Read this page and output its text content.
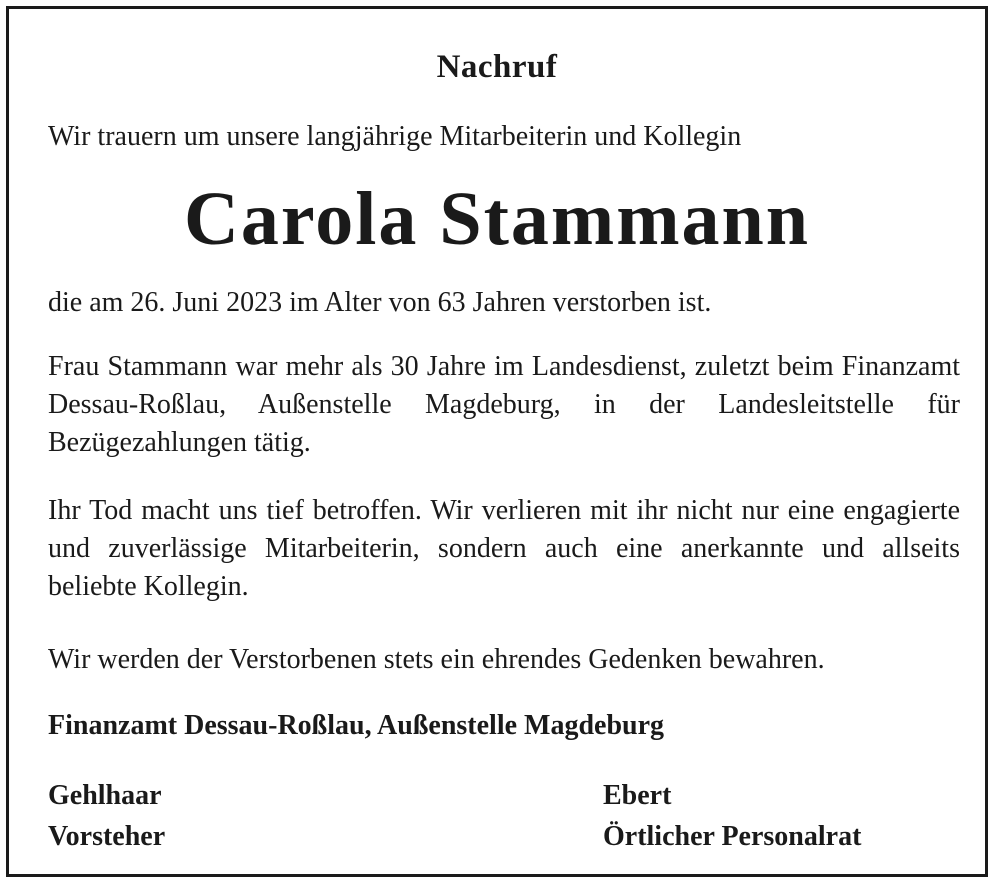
Nachruf
Wir trauern um unsere langjährige Mitarbeiterin und Kollegin
Carola Stammann
die am 26. Juni 2023 im Alter von 63 Jahren verstorben ist.
Frau Stammann war mehr als 30 Jahre im Landesdienst, zuletzt beim Finanzamt Dessau-Roßlau, Außenstelle Magdeburg, in der Landesleitstelle für Bezügezahlungen tätig.
Ihr Tod macht uns tief betroffen. Wir verlieren mit ihr nicht nur eine engagierte und zuverlässige Mitarbeiterin, sondern auch eine anerkannte und allseits beliebte Kollegin.
Wir werden der Verstorbenen stets ein ehrendes Gedenken bewahren.
Finanzamt Dessau-Roßlau, Außenstelle Magdeburg
Gehlhaar
Vorsteher
Ebert
Örtlicher Personalrat
